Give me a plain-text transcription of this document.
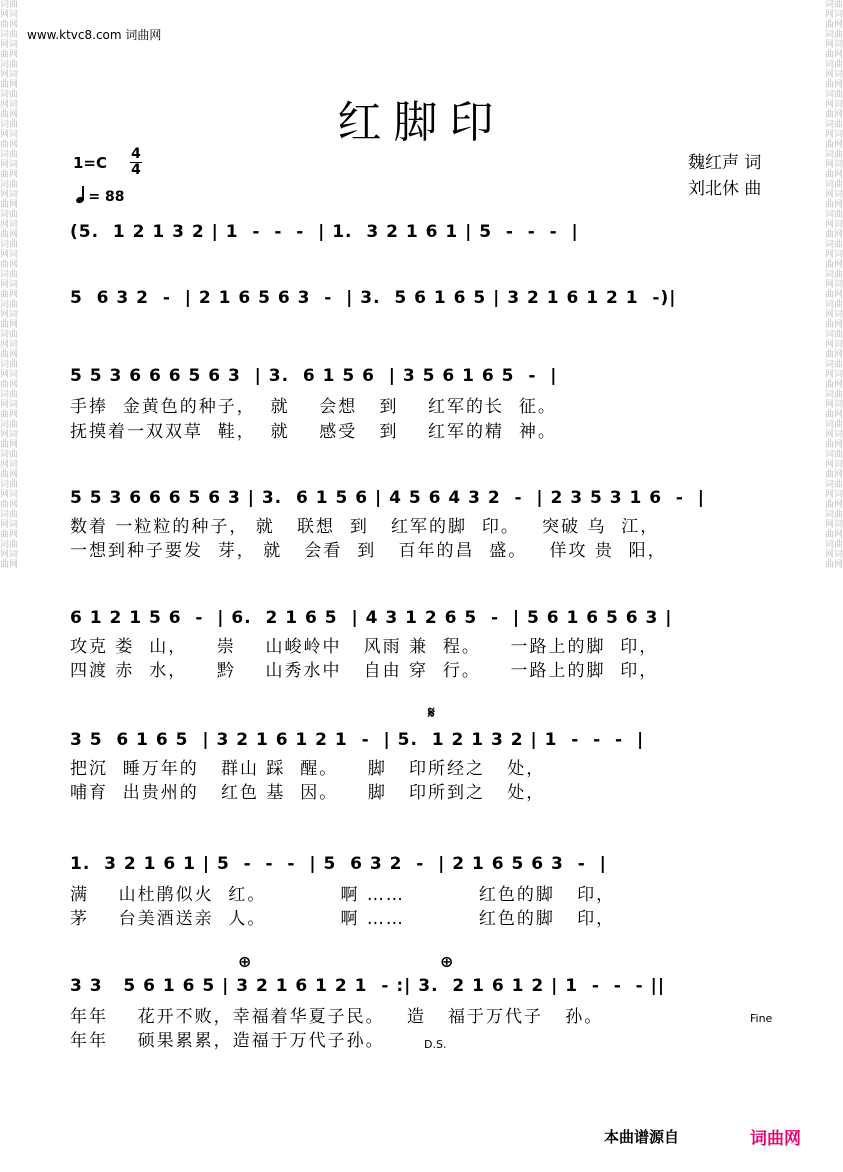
词曲网词曲网词曲网词曲网词曲网词曲网词曲网词曲网词曲网词曲网词曲网词曲网词曲网词曲网词曲网词曲网词曲网词曲网词曲网词曲网词曲网词曲网词曲网词曲网词曲网词曲网词曲网词曲网词曲网词曲网词曲网词曲网词曲网词曲网词曲网词曲网词曲网词曲网
词曲网词曲网词曲网词曲网词曲网词曲网词曲网词曲网词曲网词曲网词曲网词曲网词曲网词曲网词曲网词曲网词曲网词曲网词曲网词曲网词曲网词曲网词曲网词曲网词曲网词曲网词曲网词曲网词曲网词曲网词曲网词曲网词曲网词曲网词曲网词曲网词曲网词曲网
www.ktvc8.com 词曲网
红脚印
1=C 4
4
= 88
魏红声 词
刘北休 曲
(5.  1 2 1 3 2 | 1  -  -  -  | 1.  3 2 1 6 1 | 5  -  -  -  |
5  6 3 2  -  | 2 1 6 5 6 3  -  | 3.  5 6 1 6 5 | 3 2 1 6 1 2 1  -)|
5 5 3 6 6 6 5 6 3  | 3.  6 1 5 6  | 3 5 6 1 6 5  -  |
手捧  金黄色的种子，  就    会想   到    红军的长  征。
抚摸着一双双草  鞋，  就    感受   到    红军的精  神。
5 5 3 6 6 6 5 6 3 | 3.  6 1 5 6 | 4 5 6 4 3 2  -  | 2 3 5 3 1 6  -  |
数着 一粒粒的种子， 就   联想  到   红军的脚  印。   突破 乌  江，
一想到种子要发  芽， 就   会看  到   百年的昌  盛。   佯攻 贵  阳，
6 1 2 1 5 6  -  | 6.  2 1 6 5  | 4 3 1 2 6 5  -  | 5 6 1 6 5 6 3 |
攻克 娄  山，    崇    山峻岭中   风雨 兼  程。    一路上的脚  印，
四渡 赤  水，    黔    山秀水中   自由 穿  行。    一路上的脚  印，
𝄋
3 5  6 1 6 5  | 3 2 1 6 1 2 1  -  | 5.  1 2 1 3 2 | 1  -  -  -  |
把沉  睡万年的   群山 踩  醒。    脚   印所经之   处，
哺育  出贵州的   红色 基  因。    脚   印所到之   处，
1.  3 2 1 6 1 | 5  -  -  -  | 5  6 3 2  -  | 2 1 6 5 6 3  -  |
满    山杜鹃似火  红。          啊 ……          红色的脚   印，
茅    台美酒送亲  人。          啊 ……          红色的脚   印，
⊕	⊕
3 3   5 6 1 6 5 | 3 2 1 6 1 2 1  - :| 3.  2 1 6 1 2 | 1  -  -  - ||
Fine
年年    花开不败，幸福着华夏子民。   造   福于万代子   孙。
年年    硕果累累，造福于万代子孙。	D.S.
本曲谱源自	词曲网
